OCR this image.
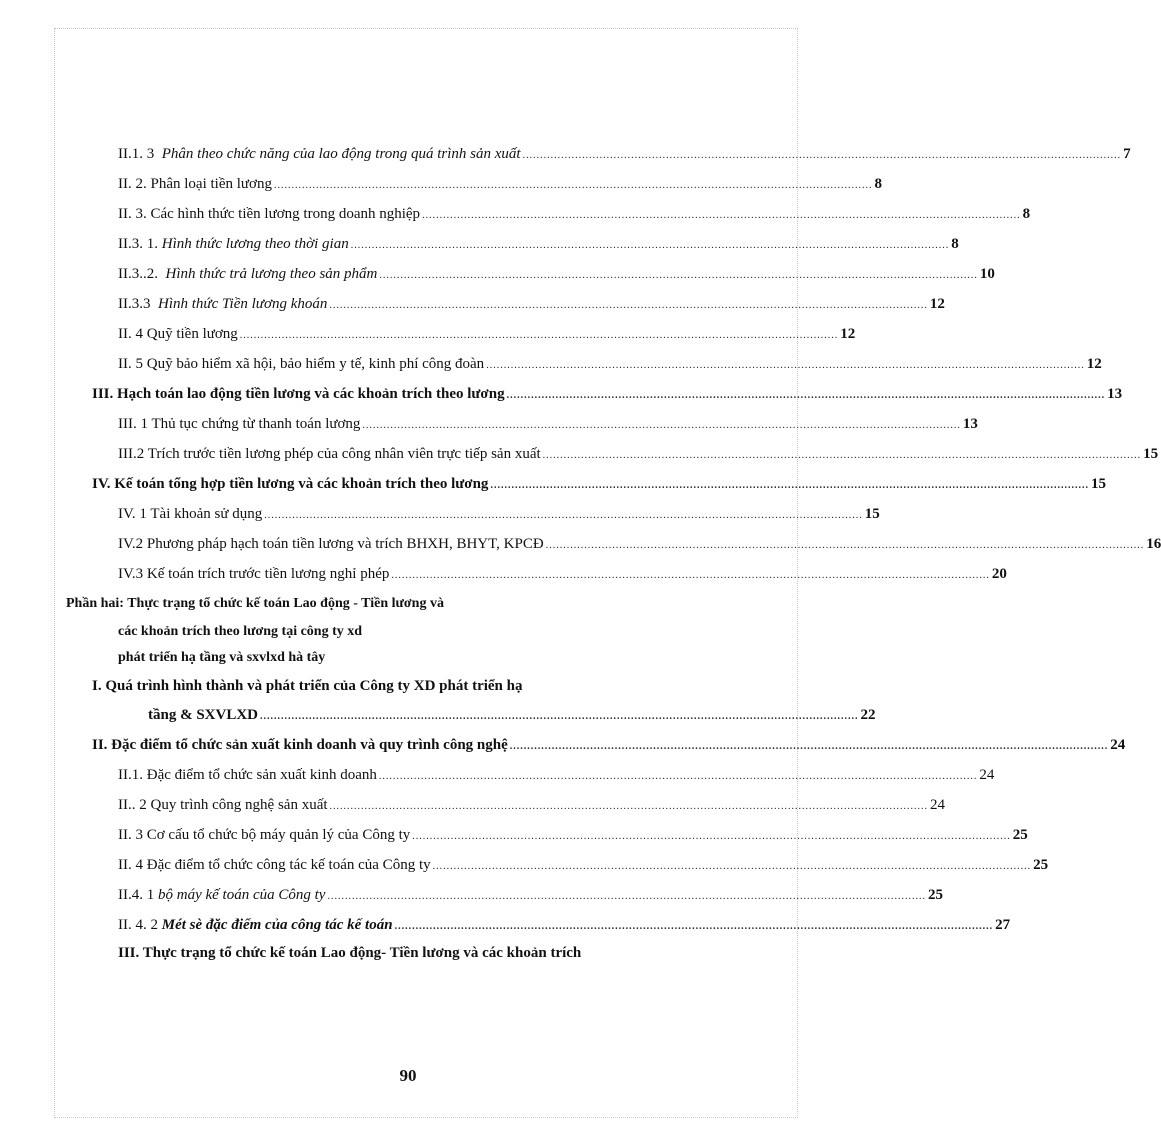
II.1. 3 Phân theo chức năng của lao động trong quá trình sản xuất ........................................................................................................................................................................... 7
II. 2. Phân loại tiền lương ........................................................................................................................................................................... 8
II. 3. Các hình thức tiền lương trong doanh nghiệp ........................................................................................................................................................................... 8
II.3. 1. Hình thức lương theo thời gian ........................................................................................................................................................................... 8
II.3..2. Hình thức trả lương theo sản phẩm ........................................................................................................................................................................... 10
II.3.3 Hình thức Tiền lương khoán ........................................................................................................................................................................... 12
II. 4 Quỹ tiền lương ........................................................................................................................................................................... 12
II. 5 Quỹ bảo hiểm xã hội, bảo hiểm y tế, kinh phí công đoàn ........................................................................................................................................................................... 12
III. Hạch toán lao động tiền lương và các khoản trích theo lương ........................................................................................................................................................................... 13
III. 1 Thủ tục chứng từ thanh toán lương ........................................................................................................................................................................... 13
III.2 Trích trước tiền lương phép của công nhân viên trực tiếp sản xuất ........................................................................................................................................................................... 15
IV. Kế toán tổng hợp tiền lương và các khoản trích theo lương ........................................................................................................................................................................... 15
IV. 1 Tài khoản sử dụng ........................................................................................................................................................................... 15
IV.2 Phương pháp hạch toán tiền lương và trích BHXH, BHYT, KPCĐ ........................................................................................................................................................................... 16
IV.3 Kế toán trích trước tiền lương nghỉ phép ........................................................................................................................................................................... 20
Phần hai: Thực trạng tổ chức kế toán Lao động - Tiền lương và
các khoản trích theo lương tại công ty xd
phát triển hạ tầng và sxvlxd hà tây
I. Quá trình hình thành và phát triển của Công ty XD phát triển hạ
tầng & SXVLXD ........................................................................................................................................................................... 22
II. Đặc điểm tổ chức sản xuất kinh doanh và quy trình công nghệ ........................................................................................................................................................................... 24
II.1. Đặc điểm tổ chức sản xuất kinh doanh ........................................................................................................................................................................... 24
II.. 2 Quy trình công nghệ sản xuất ........................................................................................................................................................................... 24
II. 3 Cơ cấu tổ chức bộ máy quản lý của Công ty ........................................................................................................................................................................... 25
II. 4 Đặc điểm tổ chức công tác kế toán của Công ty ........................................................................................................................................................................... 25
II.4. 1 bộ máy kế toán của Công ty ........................................................................................................................................................................... 25
II. 4. 2 Mét sè đặc điểm của công tác kế toán ........................................................................................................................................................................... 27
III. Thực trạng tổ chức kế toán Lao động- Tiền lương và các khoản trích
90
